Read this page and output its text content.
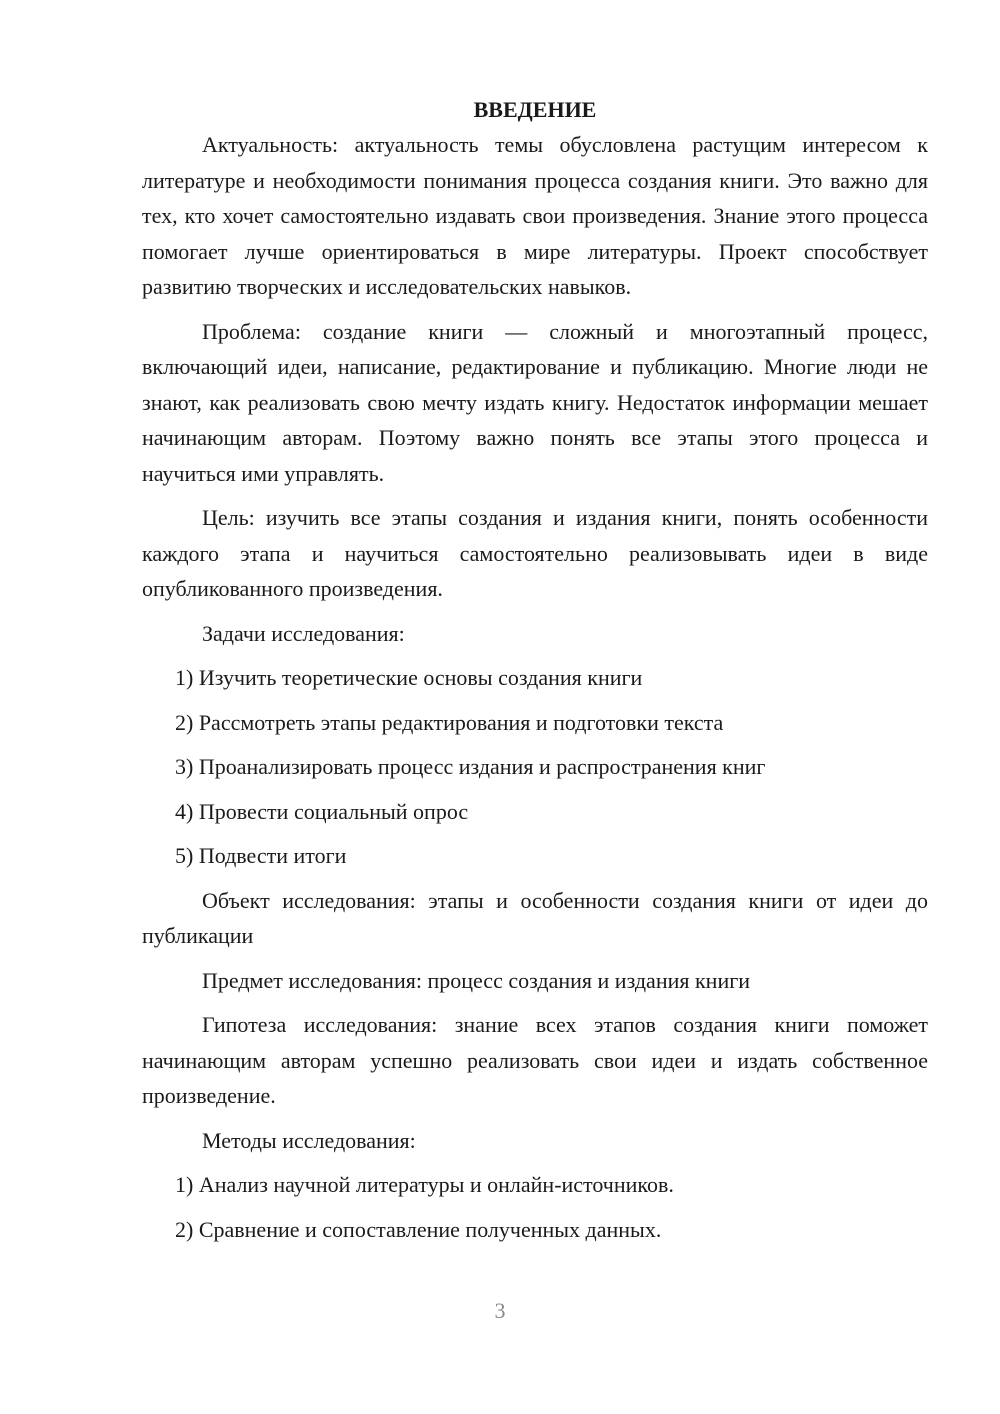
ВВЕДЕНИЕ

Актуальность: актуальность темы обусловлена растущим интересом к литературе и необходимости понимания процесса создания книги. Это важно для тех, кто хочет самостоятельно издавать свои произведения. Знание этого процесса помогает лучше ориентироваться в мире литературы. Проект способствует развитию творческих и исследовательских навыков.

Проблема: создание книги — сложный и многоэтапный процесс, включающий идеи, написание, редактирование и публикацию. Многие люди не знают, как реализовать свою мечту издать книгу. Недостаток информации мешает начинающим авторам. Поэтому важно понять все этапы этого процесса и научиться ими управлять.

Цель: изучить все этапы создания и издания книги, понять особенности каждого этапа и научиться самостоятельно реализовывать идеи в виде опубликованного произведения.

Задачи исследования:

1) Изучить теоретические основы создания книги

2) Рассмотреть этапы редактирования и подготовки текста

3) Проанализировать процесс издания и распространения книг

4) Провести социальный опрос

5) Подвести итоги

Объект исследования: этапы и особенности создания книги от идеи до публикации

Предмет исследования: процесс создания и издания книги

Гипотеза исследования: знание всех этапов создания книги поможет начинающим авторам успешно реализовать свои идеи и издать собственное произведение.

Методы исследования:

1) Анализ научной литературы и онлайн-источников.

2) Сравнение и сопоставление полученных данных.

3
